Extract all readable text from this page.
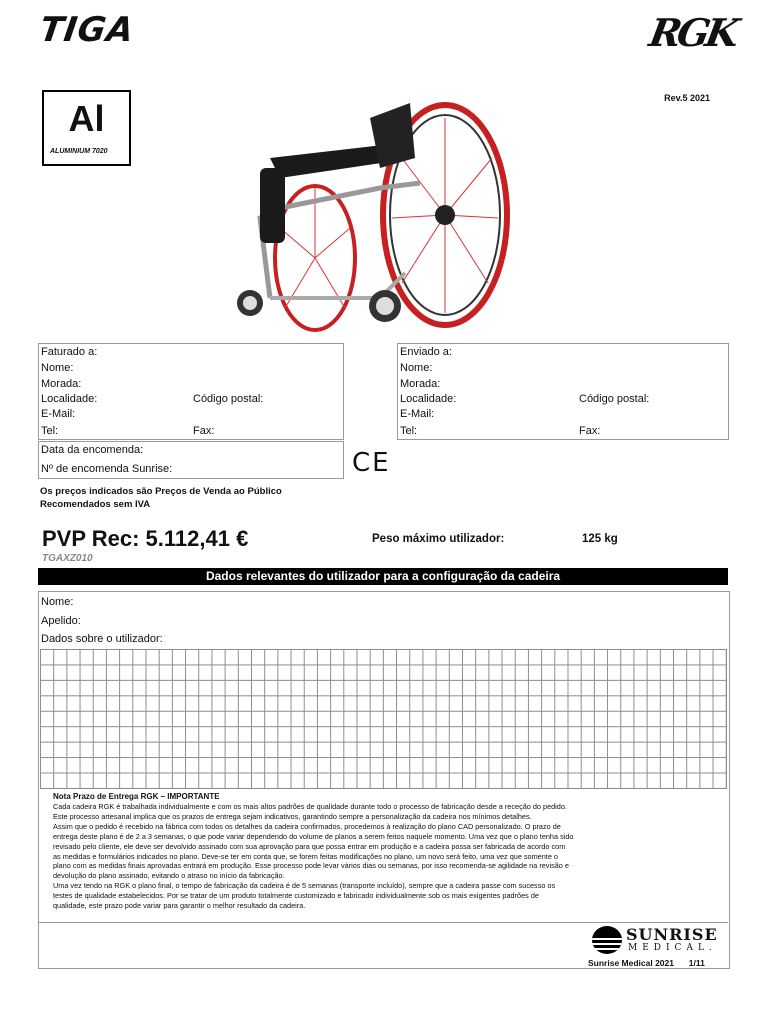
TIGA	RGK
Rev.5 2021
Al
ALUMINIUM 7020
Faturado a:
Nome:
Morada:
Localidade:	Código postal:
E-Mail:
Tel:	Fax:
Enviado a:
Nome:
Morada:
Localidade:	Código postal:
E-Mail:
Tel:	Fax:
Data da encomenda:
Nº de encomenda Sunrise:	CE
Os preços indicados são Preços de Venda ao Público
Recomendados sem IVA
PVP Rec: 5.112,41 €
TGAXZ010
Peso máximo utilizador:	125 kg
Dados relevantes do utilizador para a configuração da cadeira
Nome:
Apelido:
Dados sobre o utilizador:
Nota Prazo de Entrega RGK – IMPORTANTE
Cada cadeira RGK é trabalhada individualmente e com os mais altos padrões de qualidade durante todo o processo de fabricação desde a receção do pedido.
Este processo artesanal implica que os prazos de entrega sejam indicativos, garantindo sempre a personalização da cadeira nos mínimos detalhes.
Assim que o pedido é recebido na fábrica com todos os detalhes da cadeira confirmados, procedemos à realização do plano CAD personalizado. O prazo de
entrega deste plano é de 2 a 3 semanas, o que pode variar dependendo do volume de planos a serem feitos naquele momento. Uma vez que o plano tenha sido
revisado pelo cliente, ele deve ser devolvido assinado com sua aprovação para que possa entrar em produção e a cadeira possa ser fabricada de acordo com
as medidas e formulários indicados no plano. Deve-se ter em conta que, se forem feitas modificações no plano, um novo será feito, uma vez que somente o
plano com as medidas finais aprovadas entrará em produção. Esse processo pode levar vários dias ou semanas, por isso recomenda-se agilidade na revisão e
devolução do plano assinado, evitando o atraso no início da fabricação.
Uma vez tendo na RGK o plano final, o tempo de fabricação da cadeira é de 5 semanas (transporte incluído), sempre que a cadeira passe com sucesso os
testes de qualidade estabelecidos. Por se tratar de um produto totalmente customizado e fabricado individualmente sob os mais exigentes padrões de
qualidade, este prazo pode variar para garantir o melhor resultado da cadeira.
SUNRISE
MEDICAL.
Sunrise Medical 2021 1/11
